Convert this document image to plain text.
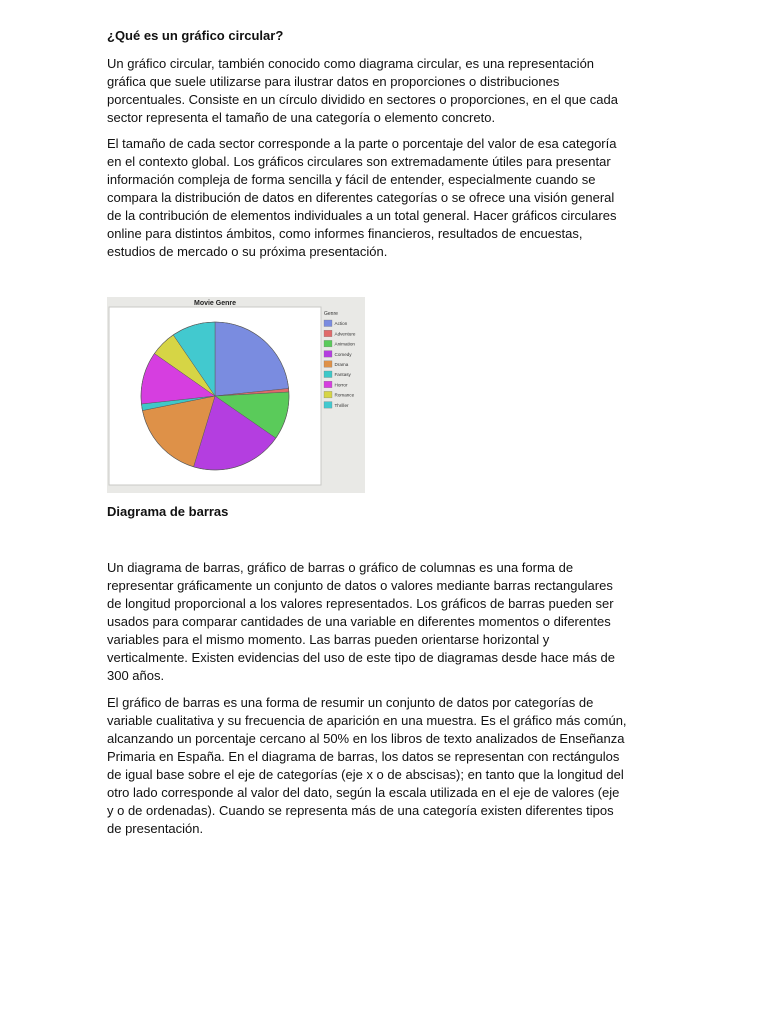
¿Qué es un gráfico circular?
Un gráfico circular, también conocido como diagrama circular, es una representación
gráfica que suele utilizarse para ilustrar datos en proporciones o distribuciones
porcentuales. Consiste en un círculo dividido en sectores o proporciones, en el que cada
sector representa el tamaño de una categoría o elemento concreto.
El tamaño de cada sector corresponde a la parte o porcentaje del valor de esa categoría
en el contexto global. Los gráficos circulares son extremadamente útiles para presentar
información compleja de forma sencilla y fácil de entender, especialmente cuando se
compara la distribución de datos en diferentes categorías o se ofrece una visión general
de la contribución de elementos individuales a un total general. Hacer gráficos circulares
online para distintos ámbitos, como informes financieros, resultados de encuestas,
estudios de mercado o su próxima presentación.
Diagrama de barras
Un diagrama de barras, gráfico de barras o gráfico de columnas es una forma de
representar gráficamente un conjunto de datos o valores mediante barras rectangulares
de longitud proporcional a los valores representados. Los gráficos de barras pueden ser
usados para comparar cantidades de una variable en diferentes momentos o diferentes
variables para el mismo momento. Las barras pueden orientarse horizontal y
verticalmente. Existen evidencias del uso de este tipo de diagramas desde hace más de
300 años.
El gráfico de barras es una forma de resumir un conjunto de datos por categorías de
variable cualitativa y su frecuencia de aparición en una muestra. Es el gráfico más común,
alcanzando un porcentaje cercano al 50% en los libros de texto analizados de Enseñanza
Primaria en España. En el diagrama de barras, los datos se representan con rectángulos
de igual base sobre el eje de categorías (eje x o de abscisas); en tanto que la longitud del
otro lado corresponde al valor del dato, según la escala utilizada en el eje de valores (eje
y o de ordenadas). Cuando se representa más de una categoría existen diferentes tipos
de presentación.
Movie Genre
Genre
Action
Adventure
Animation
Comedy
Drama
Fantasy
Horror
Romance
Thriller
